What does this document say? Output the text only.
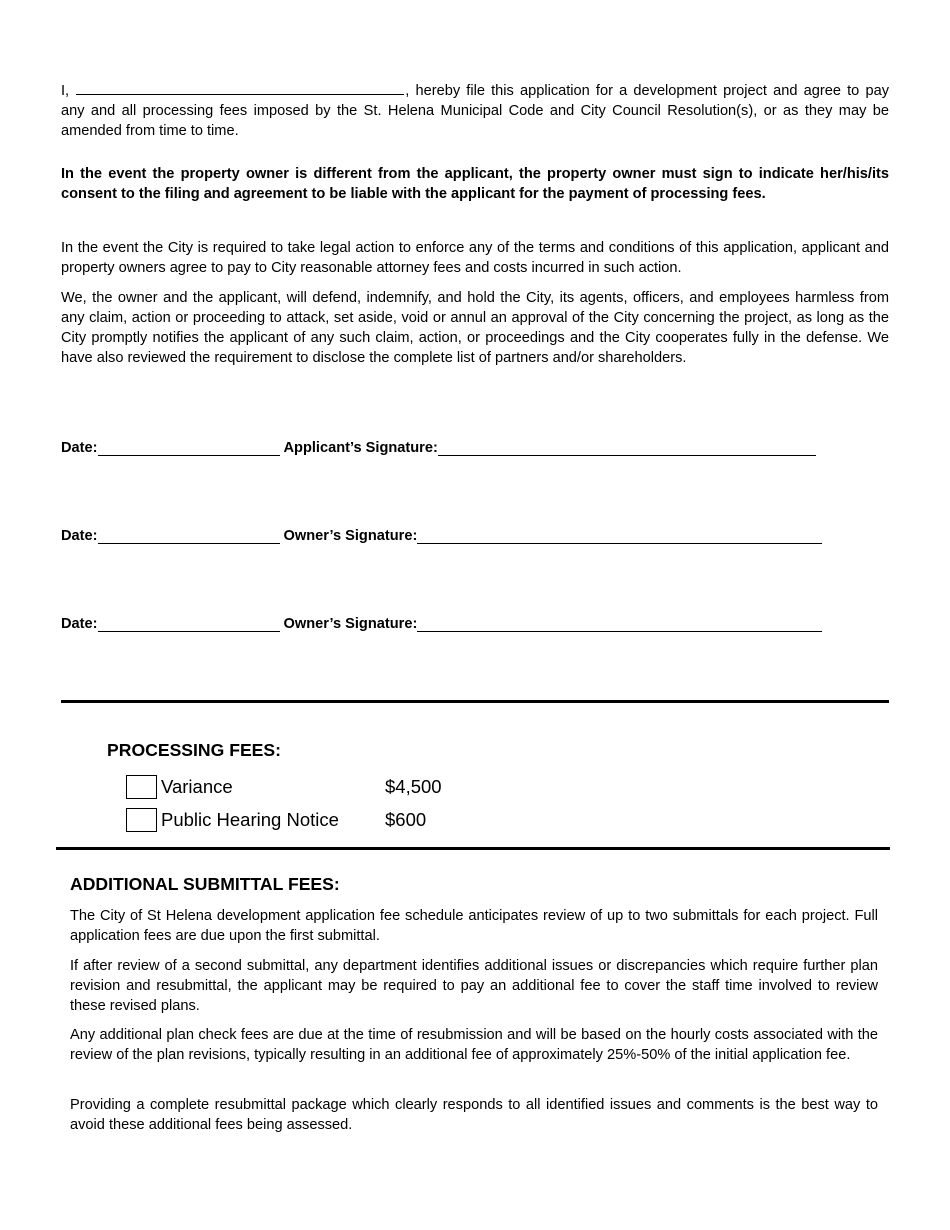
I,	, hereby file this application for a development project and agree to pay any and all processing fees imposed by the St. Helena Municipal Code and City Council Resolution(s), or as they may be amended from time to time.
In the event the property owner is different from the applicant, the property owner must sign to indicate her/his/its consent to the filing and agreement to be liable with the applicant for the payment of processing fees.
In the event the City is required to take legal action to enforce any of the terms and conditions of this application, applicant and property owners agree to pay to City reasonable attorney fees and costs incurred in such action.
We, the owner and the applicant, will defend, indemnify, and hold the City, its agents, officers, and employees harmless from any claim, action or proceeding to attack, set aside, void or annul an approval of the City concerning the project, as long as the City promptly notifies the applicant of any such claim, action, or proceedings and the City cooperates fully in the defense. We have also reviewed the requirement to disclose the complete list of partners and/or shareholders.
Date:	Applicant’s Signature:
Date:	Owner’s Signature:
Date:	Owner’s Signature:
PROCESSING FEES:
Variance	$4,500
Public Hearing Notice	$600
ADDITIONAL SUBMITTAL FEES:
The City of St Helena development application fee schedule anticipates review of up to two submittals for each project. Full application fees are due upon the first submittal.
If after review of a second submittal, any department identifies additional issues or discrepancies which require further plan revision and resubmittal, the applicant may be required to pay an additional fee to cover the staff time involved to review these revised plans.
Any additional plan check fees are due at the time of resubmission and will be based on the hourly costs associated with the review of the plan revisions, typically resulting in an additional fee of approximately 25%-50% of the initial application fee.
Providing a complete resubmittal package which clearly responds to all identified issues and comments is the best way to avoid these additional fees being assessed.
